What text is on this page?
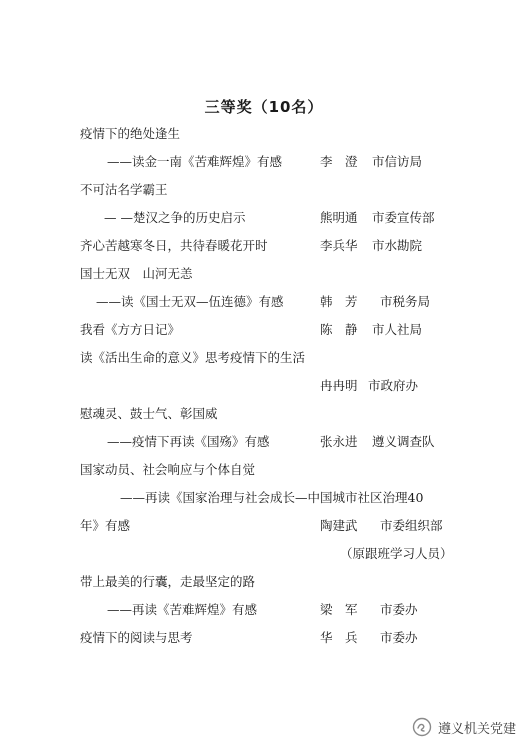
三等奖（10名）
疫情下的绝处逢生
——读金一南《苦难辉煌》有感	李　澄 市信访局
不可沽名学霸王
— —楚汉之争的历史启示	熊明通 市委宣传部
齐心苦越寒冬日，共待春暖花开时	李兵华 市水勘院
国士无双　山河无恙
——读《国士无双—伍连德》有感	韩　芳 市税务局
我看《方方日记》	陈　静 市人社局
读《活出生命的意义》思考疫情下的生活
冉冉明 市政府办
慰魂灵、鼓士气、彰国威
——疫情下再读《国殇》有感	张永进 遵义调查队
国家动员、社会响应与个体自觉
——再读《国家治理与社会成长—中国城市社区治理40
年》有感	陶建武 市委组织部
（原跟班学习人员）
带上最美的行囊，走最坚定的路
——再读《苦难辉煌》有感	梁　军 市委办
疫情下的阅读与思考	华　兵 市委办
遵义机关党建
